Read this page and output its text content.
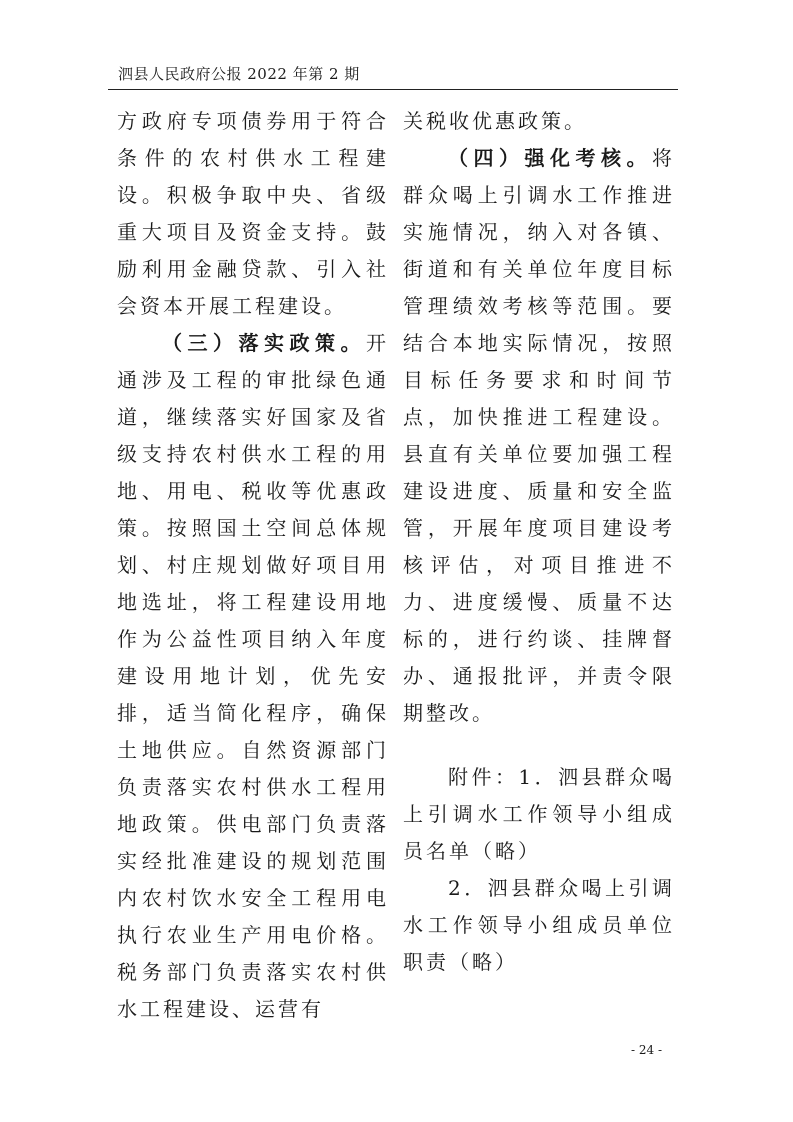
泗县人民政府公报 2022 年第 2 期

方政府专项债券用于符合条件的农村供水工程建设。积极争取中央、省级重大项目及资金支持。鼓励利用金融贷款、引入社会资本开展工程建设。

（三）落实政策。开通涉及工程的审批绿色通道，继续落实好国家及省级支持农村供水工程的用地、用电、税收等优惠政策。按照国土空间总体规划、村庄规划做好项目用地选址，将工程建设用地作为公益性项目纳入年度建设用地计划，优先安排，适当简化程序，确保土地供应。自然资源部门负责落实农村供水工程用地政策。供电部门负责落实经批准建设的规划范围内农村饮水安全工程用电执行农业生产用电价格。税务部门负责落实农村供水工程建设、运营有

关税收优惠政策。

（四）强化考核。将群众喝上引调水工作推进实施情况，纳入对各镇、街道和有关单位年度目标管理绩效考核等范围。要结合本地实际情况，按照目标任务要求和时间节点，加快推进工程建设。县直有关单位要加强工程建设进度、质量和安全监管，开展年度项目建设考核评估，对项目推进不力、进度缓慢、质量不达标的，进行约谈、挂牌督办、通报批评，并责令限期整改。

附件：1．泗县群众喝上引调水工作领导小组成员名单（略）

2．泗县群众喝上引调水工作领导小组成员单位职责（略）

- 24 -
